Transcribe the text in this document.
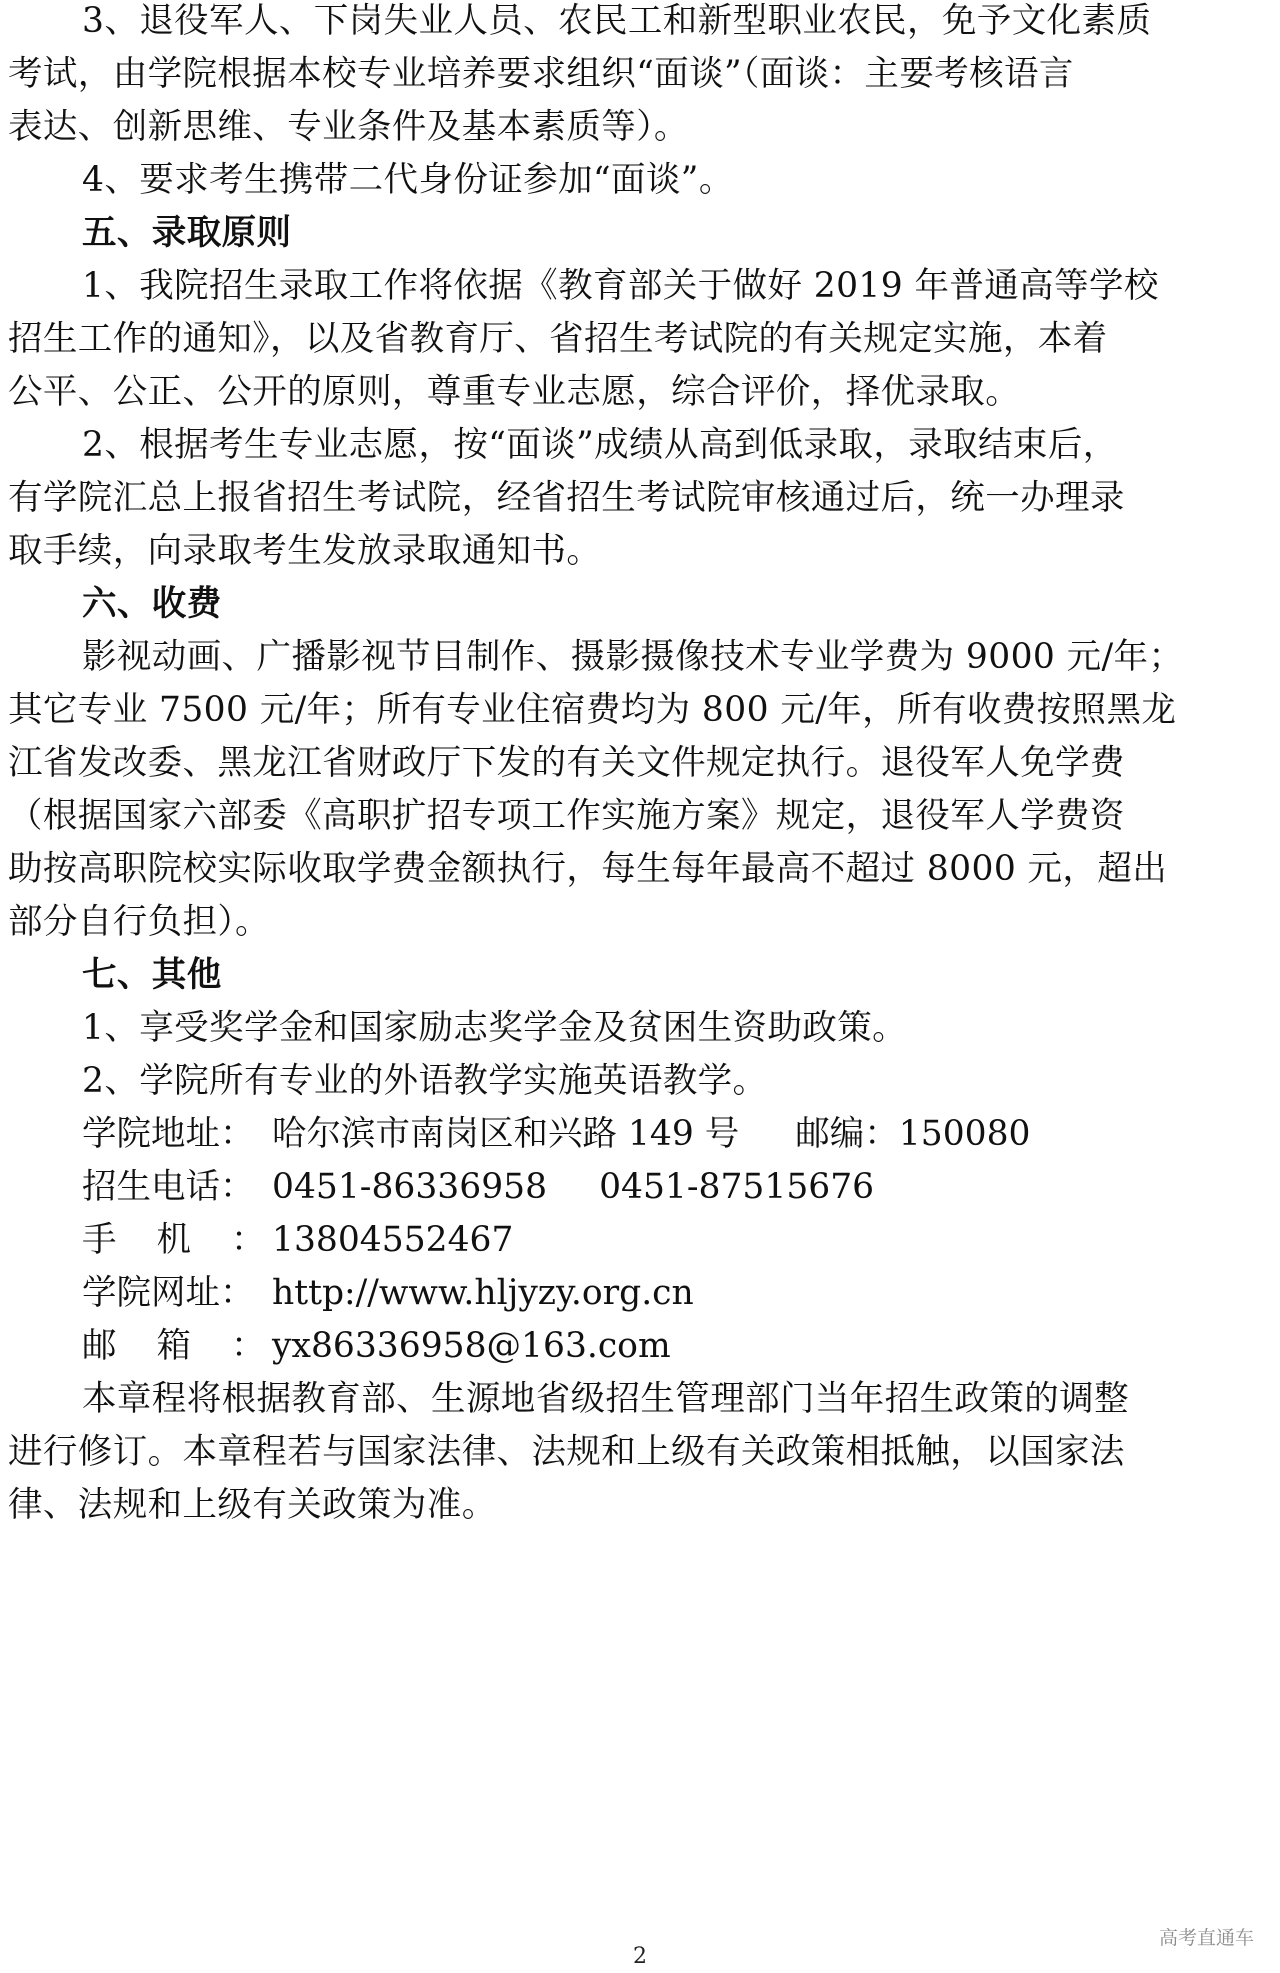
3、退役军人、下岗失业人员、农民工和新型职业农民，免予文化素质
考试，由学院根据本校专业培养要求组织“面谈”（面谈：主要考核语言
表达、创新思维、专业条件及基本素质等）。
4、要求考生携带二代身份证参加“面谈”。
五、录取原则
1、我院招生录取工作将依据《教育部关于做好 2019 年普通高等学校
招生工作的通知》，以及省教育厅、省招生考试院的有关规定实施，本着
公平、公正、公开的原则，尊重专业志愿，综合评价，择优录取。
2、根据考生专业志愿，按“面谈”成绩从高到低录取，录取结束后，
有学院汇总上报省招生考试院，经省招生考试院审核通过后，统一办理录
取手续，向录取考生发放录取通知书。
六、收费
影视动画、广播影视节目制作、摄影摄像技术专业学费为 9000 元/年；
其它专业 7500 元/年；所有专业住宿费均为 800 元/年，所有收费按照黑龙
江省发改委、黑龙江省财政厅下发的有关文件规定执行。退役军人免学费
（根据国家六部委《高职扩招专项工作实施方案》规定，退役军人学费资
助按高职院校实际收取学费金额执行，每生每年最高不超过 8000 元，超出
部分自行负担）。
七、其他
1、享受奖学金和国家励志奖学金及贫困生资助政策。
2、学院所有专业的外语教学实施英语教学。
学院地址： 哈尔滨市南岗区和兴路 149 号 邮编：150080
招生电话： 0451-86336958 0451-87515676
手机：13804552467
学院网址： http://www.hljyzy.org.cn
邮箱：yx86336958@163.com
本章程将根据教育部、生源地省级招生管理部门当年招生政策的调整
进行修订。本章程若与国家法律、法规和上级有关政策相抵触，以国家法
律、法规和上级有关政策为准。
高考直通车
2
